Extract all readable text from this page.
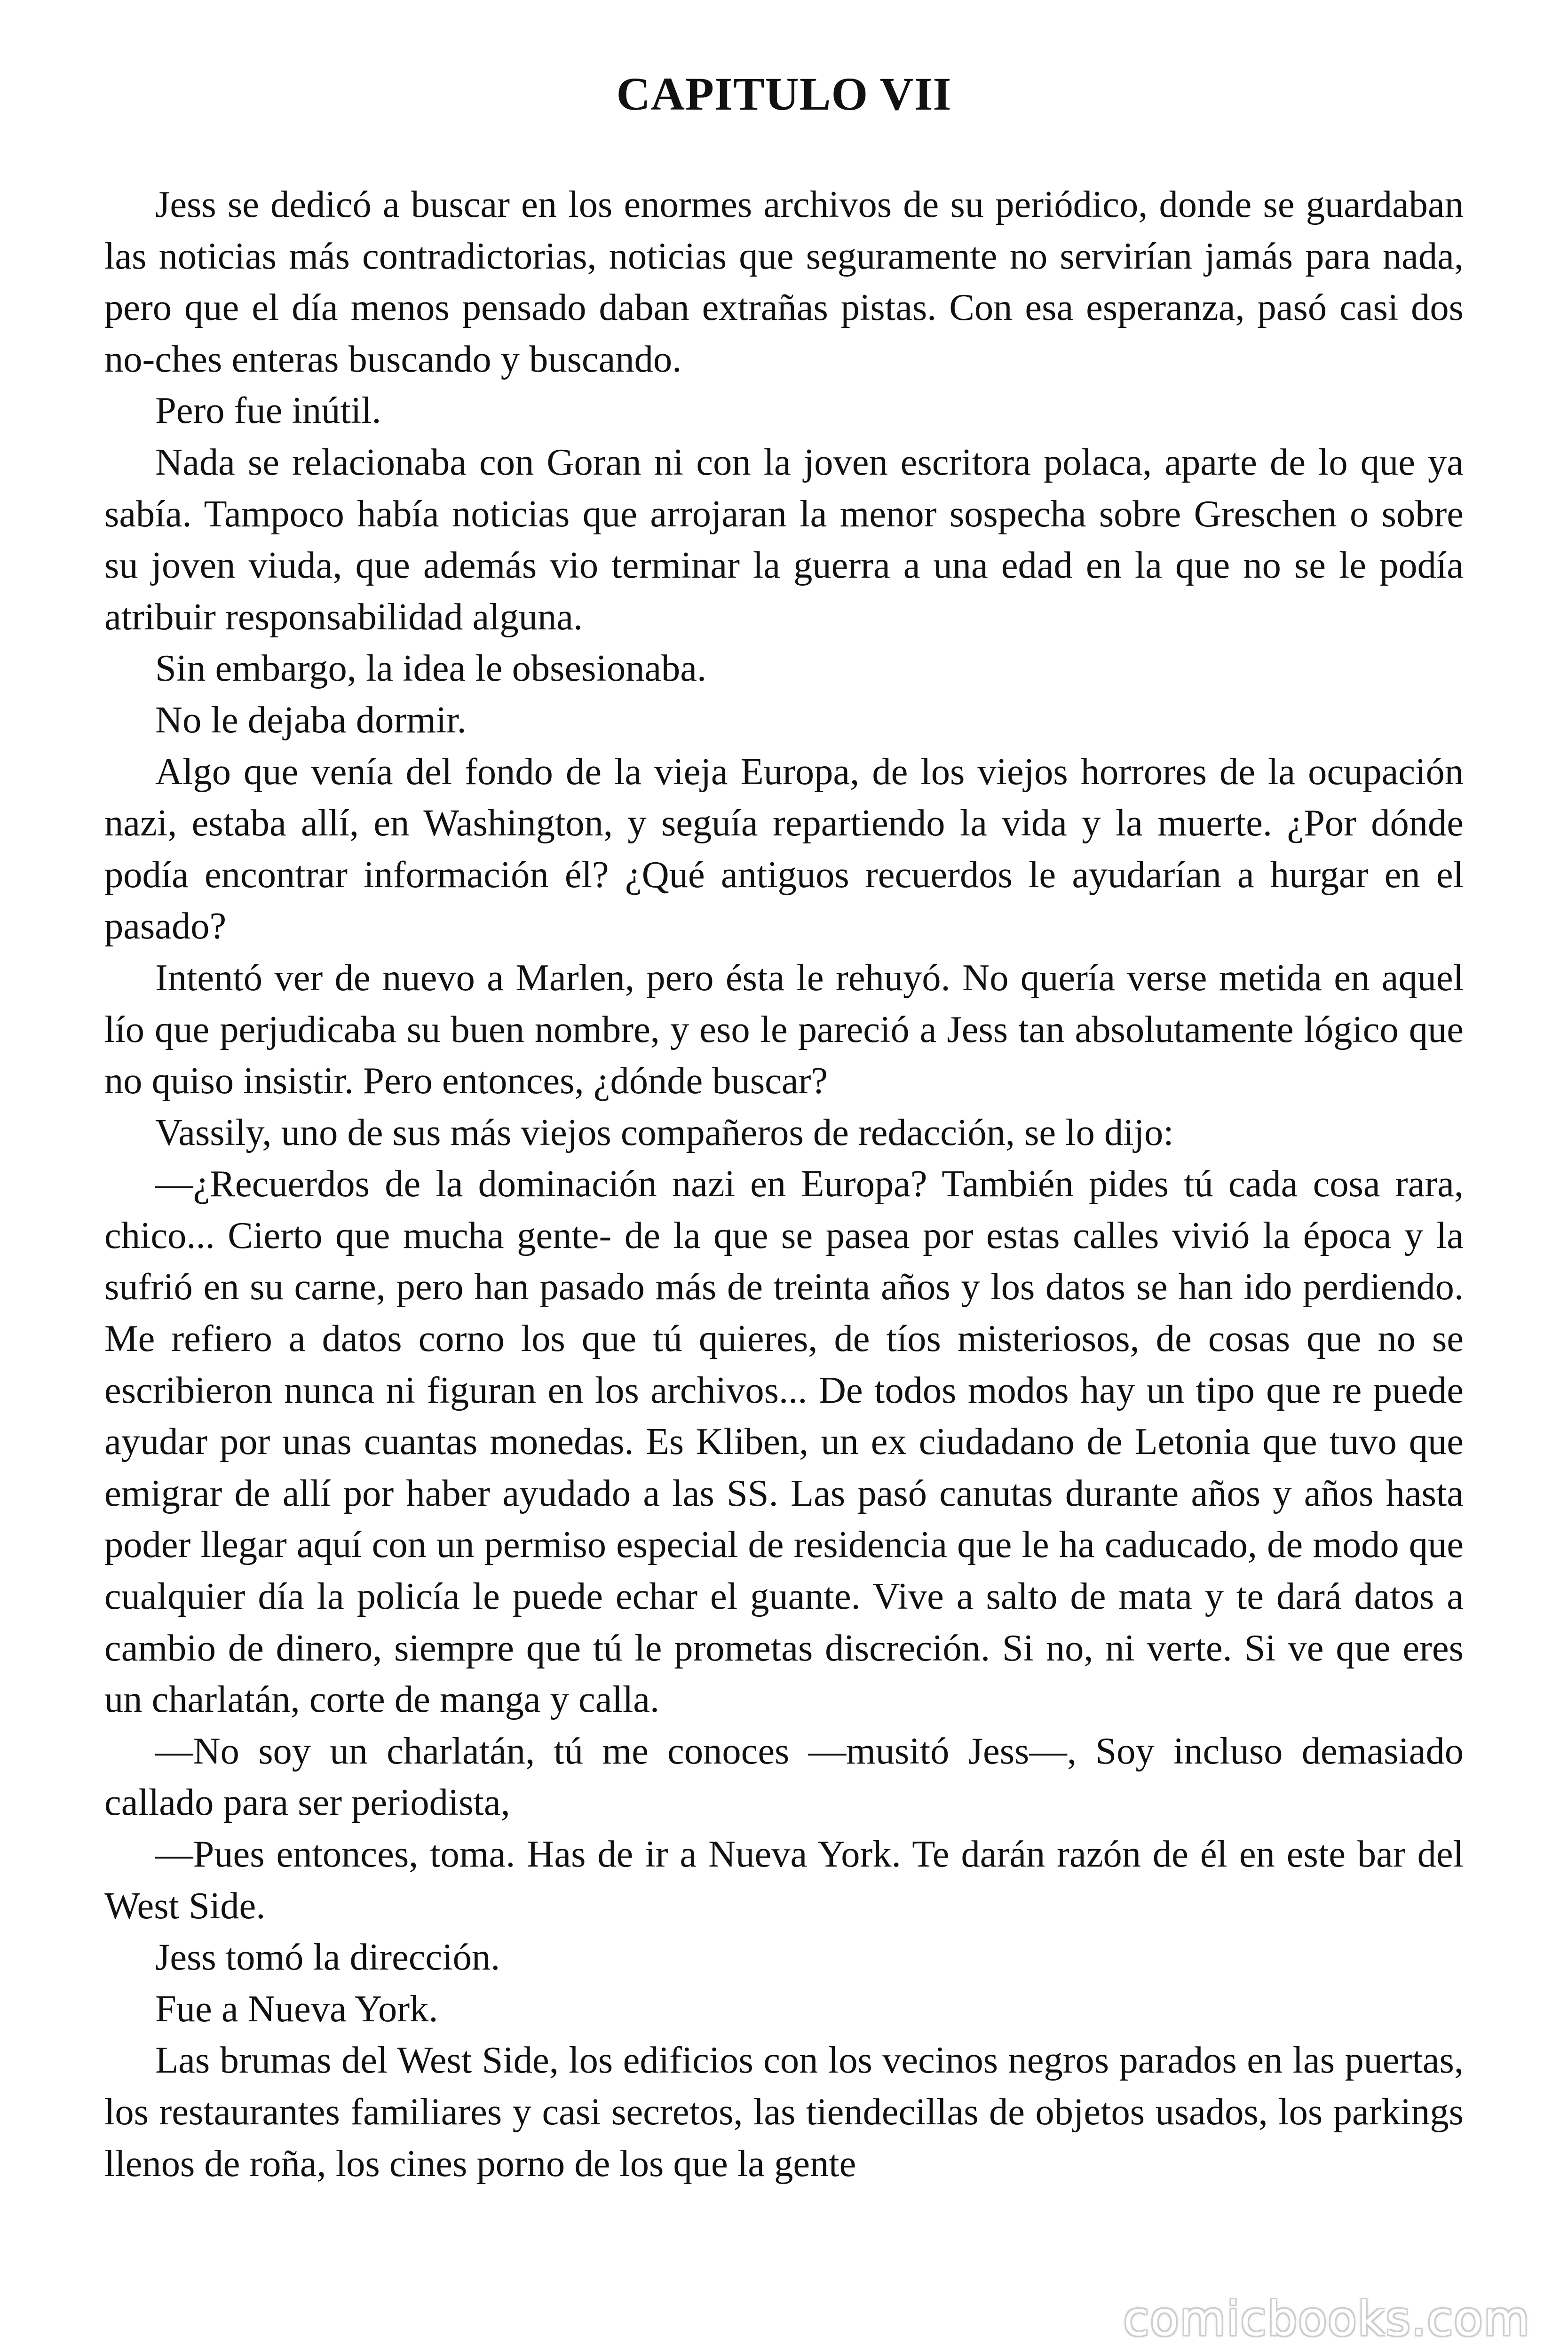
CAPITULO VII

Jess se dedicó a buscar en los enormes archivos de su periódico, donde se guardaban las noticias más contradictorias, noticias que seguramente no servirían jamás para nada, pero que el día menos pensado daban extrañas pistas. Con esa esperanza, pasó casi dos no-ches enteras buscando y buscando.

Pero fue inútil.

Nada se relacionaba con Goran ni con la joven escritora polaca, aparte de lo que ya sabía. Tampoco había noticias que arrojaran la menor sospecha sobre Greschen o sobre su joven viuda, que además vio terminar la guerra a una edad en la que no se le podía atribuir responsabilidad alguna.

Sin embargo, la idea le obsesionaba.

No le dejaba dormir.

Algo que venía del fondo de la vieja Europa, de los viejos horrores de la ocupación nazi, estaba allí, en Washington, y seguía repartiendo la vida y la muerte. ¿Por dónde podía encontrar información él? ¿Qué antiguos recuerdos le ayudarían a hurgar en el pasado?

Intentó ver de nuevo a Marlen, pero ésta le rehuyó. No quería verse metida en aquel lío que perjudicaba su buen nombre, y eso le pareció a Jess tan absolutamente lógico que no quiso insistir. Pero entonces, ¿dónde buscar?

Vassily, uno de sus más viejos compañeros de redacción, se lo dijo:

—¿Recuerdos de la dominación nazi en Europa? También pides tú cada cosa rara, chico... Cierto que mucha gente- de la que se pasea por estas calles vivió la época y la sufrió en su carne, pero han pasado más de treinta años y los datos se han ido perdiendo. Me refiero a datos corno los que tú quieres, de tíos misteriosos, de cosas que no se escribieron nunca ni figuran en los archivos... De todos modos hay un tipo que re puede ayudar por unas cuantas monedas. Es Kliben, un ex ciudadano de Letonia que tuvo que emigrar de allí por haber ayudado a las SS. Las pasó canutas durante años y años hasta poder llegar aquí con un permiso especial de residencia que le ha caducado, de modo que cualquier día la policía le puede echar el guante. Vive a salto de mata y te dará datos a cambio de dinero, siempre que tú le prometas discreción. Si no, ni verte. Si ve que eres un charlatán, corte de manga y calla.

—No soy un charlatán, tú me conoces —musitó Jess—, Soy incluso demasiado callado para ser periodista,

—Pues entonces, toma. Has de ir a Nueva York. Te darán razón de él en este bar del West Side.

Jess tomó la dirección.

Fue a Nueva York.

Las brumas del West Side, los edificios con los vecinos negros parados en las puertas, los restaurantes familiares y casi secretos, las tiendecillas de objetos usados, los parkings llenos de roña, los cines porno de los que la gente

comicbooks.com
